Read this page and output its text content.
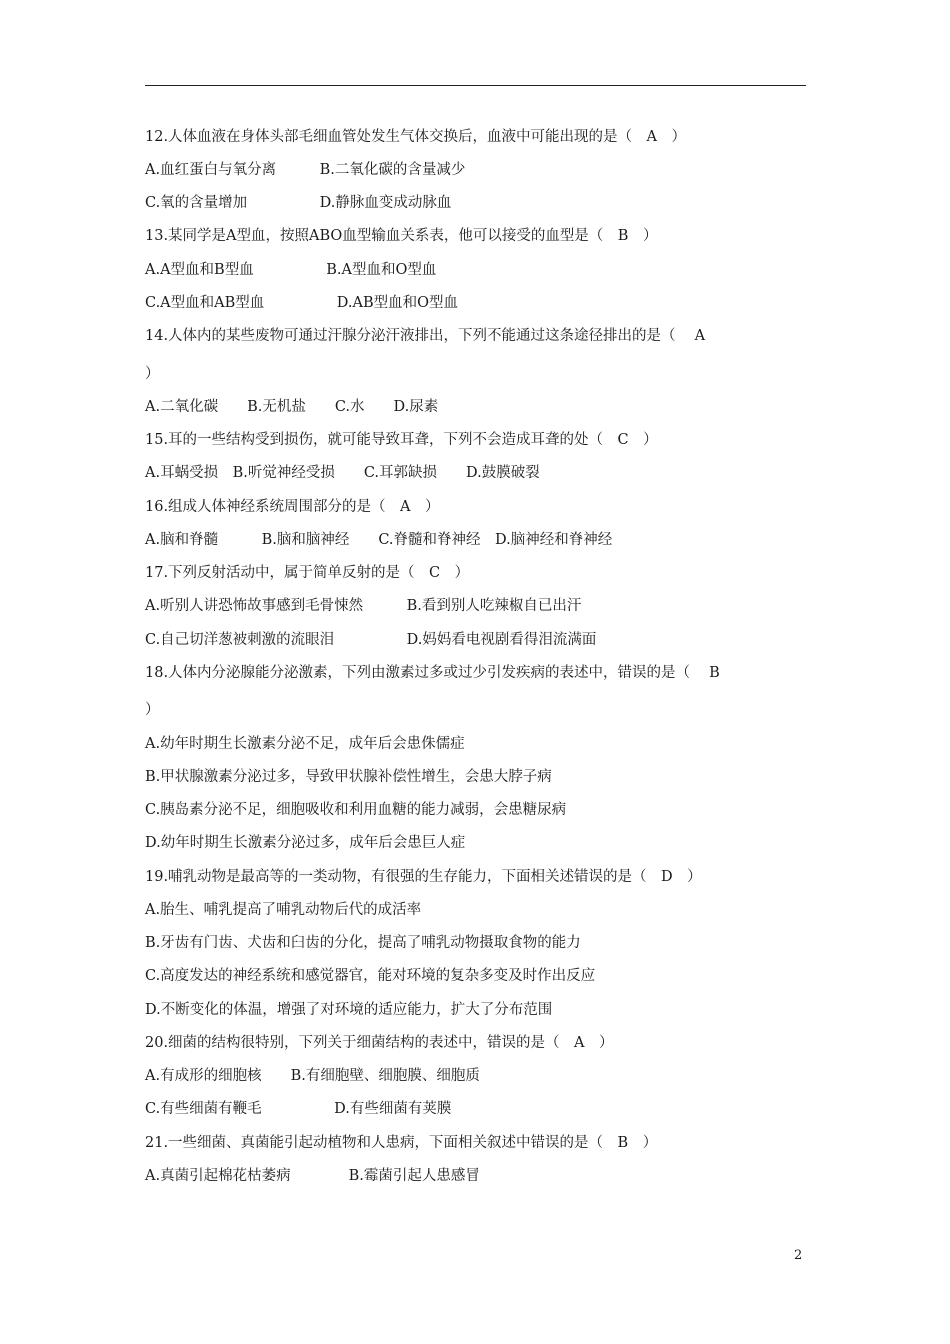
12.人体血液在身体头部毛细血管处发生气体交换后，血液中可能出现的是（　A　）
A.血红蛋白与氧分离　　　B.二氧化碳的含量减少
C.氧的含量增加　　　　　D.静脉血变成动脉血
13.某同学是A型血，按照ABO血型输血关系表，他可以接受的血型是（　B　）
A.A型血和B型血　　　　　B.A型血和O型血
C.A型血和AB型血　　　　　D.AB型血和O型血
14.人体内的某些废物可通过汗腺分泌汗液排出，下列不能通过这条途径排出的是（　 A
）
A.二氧化碳　　B.无机盐　　C.水　　D.尿素
15.耳的一些结构受到损伤，就可能导致耳聋，下列不会造成耳聋的处（　C　）
A.耳蜗受损　B.听觉神经受损　　C.耳郭缺损　　D.鼓膜破裂
16.组成人体神经系统周围部分的是（　A　）
A.脑和脊髓　　　B.脑和脑神经　　C.脊髓和脊神经　D.脑神经和脊神经
17.下列反射活动中，属于简单反射的是（　C　）
A.听别人讲恐怖故事感到毛骨悚然　　　B.看到别人吃辣椒自已出汗
C.自己切洋葱被刺激的流眼泪　　　　　D.妈妈看电视剧看得泪流满面
18.人体内分泌腺能分泌激素，下列由激素过多或过少引发疾病的表述中，错误的是（　 B
）
A.幼年时期生长激素分泌不足，成年后会患侏儒症
B.甲状腺激素分泌过多，导致甲状腺补偿性增生，会患大脖子病
C.胰岛素分泌不足，细胞吸收和利用血糖的能力减弱，会患糖尿病
D.幼年时期生长激素分泌过多，成年后会患巨人症
19.哺乳动物是最高等的一类动物，有很强的生存能力，下面相关述错误的是（　D　）
A.胎生、哺乳提高了哺乳动物后代的成活率
B.牙齿有门齿、犬齿和臼齿的分化，提高了哺乳动物摄取食物的能力
C.高度发达的神经系统和感觉器官，能对环境的复杂多变及时作出反应
D.不断变化的体温，增强了对环境的适应能力，扩大了分布范围
20.细菌的结构很特别，下列关于细菌结构的表述中，错误的是（　A　）
A.有成形的细胞核　　B.有细胞壁、细胞膜、细胞质
C.有些细菌有鞭毛　　　　　D.有些细菌有荚膜
21.一些细菌、真菌能引起动植物和人患病，下面相关叙述中错误的是（　B　）
A.真菌引起棉花枯萎病　　　　B.霉菌引起人患感冒
2
